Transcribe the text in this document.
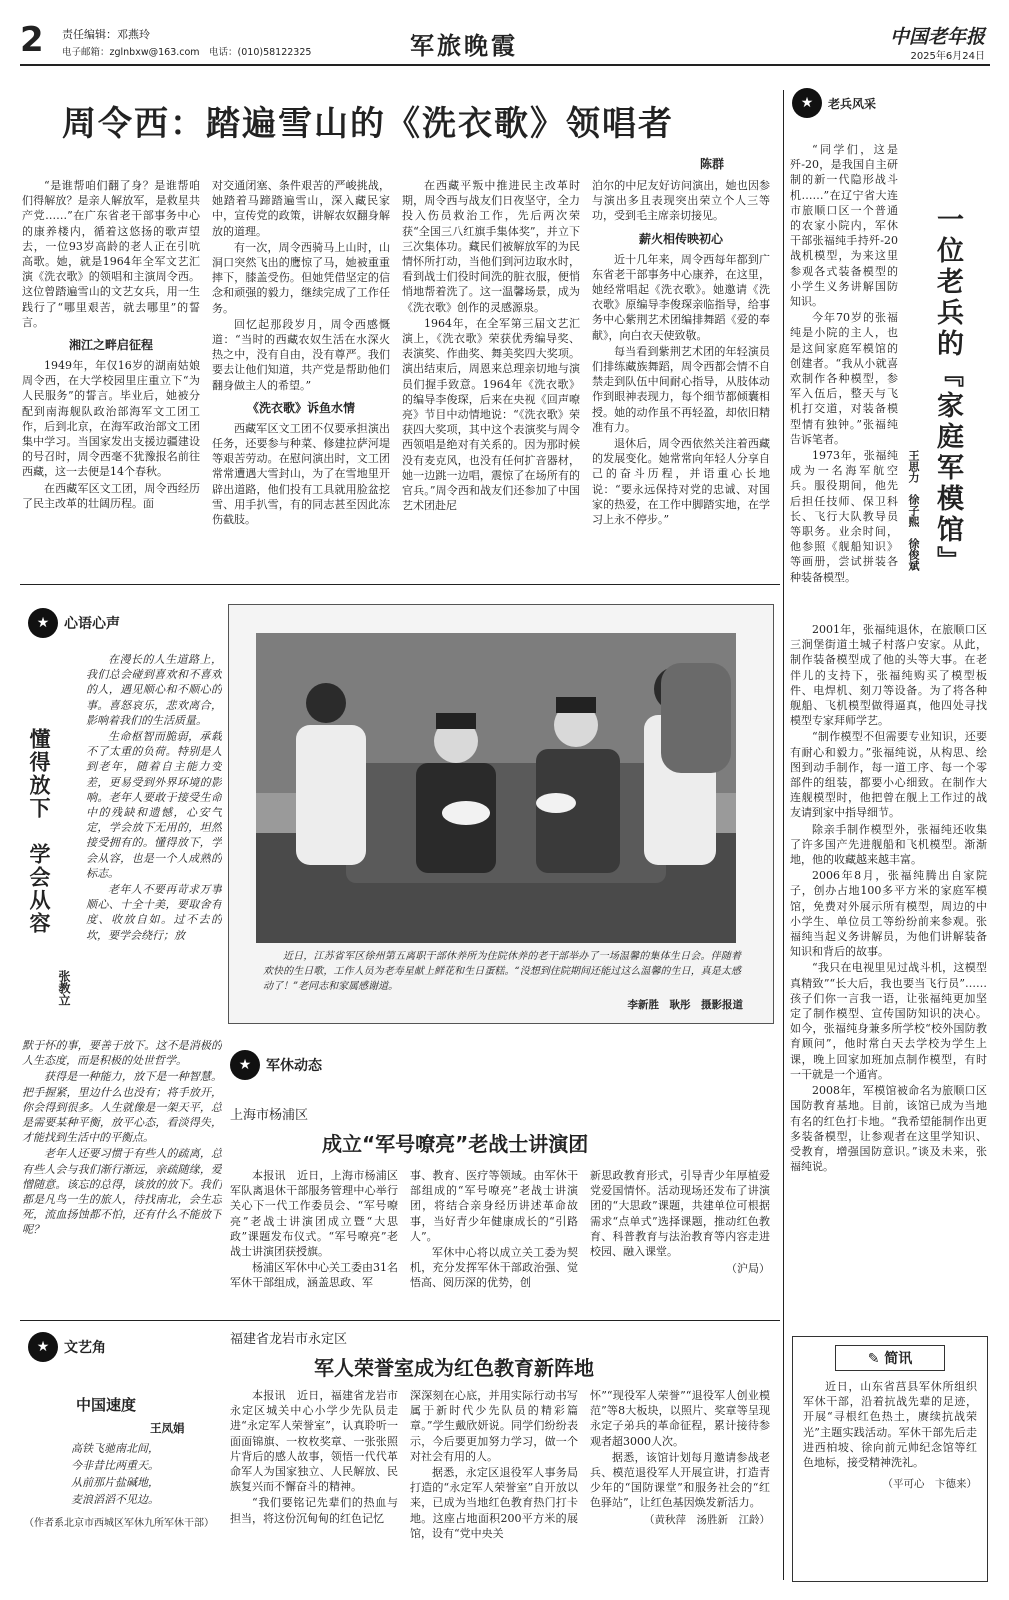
2 责任编辑：邓燕玲
电子邮箱：zglnbxw@163.com　电话：(010)58122325	军旅晚霞	中国老年报
2025年6月24日
周令西：踏遍雪山的《洗衣歌》领唱者
陈群

“是谁帮咱们翻了身？是谁帮咱们得解放？是亲人解放军，是救星共产党……”在广东省老干部事务中心的康养楼内，循着这悠扬的歌声望去，一位93岁高龄的老人正在引吭高歌。她，就是1964年全军文艺汇演《洗衣歌》的领唱和主演周令西。这位曾踏遍雪山的文艺女兵，用一生践行了“哪里艰苦，就去哪里”的誓言。

湘江之畔启征程

1949年，年仅16岁的湖南姑娘周令西，在大学校园里庄重立下“为人民服务”的誓言。毕业后，她被分配到南海舰队政治部海军文工团工作，后到北京，在海军政治部文工团集中学习。当国家发出支援边疆建设的号召时，周令西毫不犹豫报名前往西藏，这一去便是14个春秋。

在西藏军区文工团，周令西经历了民主改革的壮阔历程。面

对交通闭塞、条件艰苦的严峻挑战，她踏着马蹄踏遍雪山，深入藏民家中，宣传党的政策，讲解农奴翻身解放的道理。

有一次，周令西骑马上山时，山洞口突然飞出的鹰惊了马，她被重重摔下，膝盖受伤。但她凭借坚定的信念和顽强的毅力，继续完成了工作任务。

回忆起那段岁月，周令西感慨道：“当时的西藏农奴生活在水深火热之中，没有自由，没有尊严。我们要去让他们知道，共产党是帮助他们翻身做主人的希望。”

《洗衣歌》诉鱼水情

西藏军区文工团不仅要承担演出任务，还要参与种菜、修建拉萨河堤等艰苦劳动。在慰问演出时，文工团常常遭遇大雪封山，为了在雪地里开辟出道路，他们投有工具就用脸盆挖雪、用手扒雪，有的同志甚至因此冻伤截肢。

在西藏平叛中推进民主改革时期，周令西与战友们日夜坚守，全力投入伤员救治工作，先后两次荣获“全国三八红旗手集体奖”，并立下三次集体功。藏民们被解放军的为民情怀所打动，当他们到河边取水时，看到战士们役时间洗的脏衣服，便悄悄地帮着洗了。这一温馨场景，成为《洗衣歌》创作的灵感源泉。

1964年，在全军第三届文艺汇演上，《洗衣歌》荣获优秀编导奖、表演奖、作曲奖、舞美奖四大奖项。演出结束后，周恩来总理亲切地与演员们握手致意。1964年《洗衣歌》的编导李俊琛，后来在央视《回声嘹亮》节目中动情地说：“《洗衣歌》荣获四大奖项，其中这个表演奖与周令西领唱是绝对有关系的。因为那时候没有麦克风，也没有任何扩音器材，她一边跳一边唱，震惊了在场所有的官兵。”周令西和战友们还参加了中国艺术团赴尼

泊尔的中尼友好访问演出，她也因参与演出多且表现突出荣立个人三等功，受到毛主席亲切接见。

薪火相传映初心

近十几年来，周令西每年都到广东省老干部事务中心康养，在这里，她经常唱起《洗衣歌》。她邀请《洗衣歌》原编导李俊琛亲临指导，给事务中心紫荆艺术团编排舞蹈《爱的奉献》，向白衣天使致敬。

每当看到紫荆艺术团的年轻演员们排练藏族舞蹈，周令西都会情不自禁走到队伍中间耐心指导，从肢体动作到眼神表现力，每个细节都倾囊相授。她的动作虽不再轻盈，却依旧精准有力。

退休后，周令西依然关注着西藏的发展变化。她常常向年轻人分享自己的奋斗历程，并语重心长地说：“要永远保持对党的忠诚、对国家的热爱，在工作中脚踏实地，在学习上永不停步。”

★	老兵风采
一位老兵的『家庭军模馆』
王思力　徐子熙　徐俊斌

“同学们，这是歼-20，是我国自主研制的新一代隐形战斗机……”在辽宁省大连市旅顺口区一个普通的农家小院内，军休干部张福纯手持歼-20战机模型，为来这里参观各式装备模型的小学生义务讲解国防知识。

今年70岁的张福纯是小院的主人，也是这间家庭军模馆的创建者。“我从小就喜欢制作各种模型，参军入伍后，整天与飞机打交道，对装备模型情有独钟。”张福纯告诉笔者。

1973年，张福纯成为一名海军航空兵。服役期间，他先后担任技师、保卫科长、飞行大队教导员等职务。业余时间，他参照《舰船知识》等画册，尝试拼装各种装备模型。

2001年，张福纯退休，在旅顺口区三涧堡街道土城子村落户安家。从此，制作装备模型成了他的头等大事。在老伴儿的支持下，张福纯购买了模型板件、电焊机、刻刀等设备。为了将各种舰船、飞机模型做得逼真，他四处寻找模型专家拜师学艺。

“制作模型不但需要专业知识，还要有耐心和毅力。”张福纯说，从构思、绘图到动手制作，每一道工序、每一个零部件的组装，都要小心细致。在制作大连舰模型时，他把曾在舰上工作过的战友请到家中指导细节。

除亲手制作模型外，张福纯还收集了许多国产先进舰船和飞机模型。渐渐地，他的收藏越来越丰富。

2006年8月，张福纯腾出自家院子，创办占地100多平方米的家庭军模馆，免费对外展示所有模型，周边的中小学生、单位员工等纷纷前来参观。张福纯当起义务讲解员，为他们讲解装备知识和背后的故事。

“我只在电视里见过战斗机，这模型真精致”“长大后，我也要当飞行员”……孩子们你一言我一语，让张福纯更加坚定了制作模型、宣传国防知识的决心。如今，张福纯身兼多所学校“校外国防教育顾问”，他时常白天去学校为学生上课，晚上回家加班加点制作模型，有时一干就是一个通宵。

2008年，军模馆被命名为旅顺口区国防教育基地。目前，该馆已成为当地有名的红色打卡地。“我希望能制作出更多装备模型，让参观者在这里学知识、受教育，增强国防意识。”谈及未来，张福纯说。

✎ 简讯

近日，山东省莒县军休所组织军休干部，沿着抗战先辈的足迹，开展“寻根红色热土，赓续抗战荣光”主题实践活动。军休干部先后走进西柏坡、徐向前元帅纪念馆等红色地标，接受精神洗礼。

（平可心　卞德来）
★	心语心声
懂得放下　学会从容
张教立

在漫长的人生道路上，我们总会碰到喜欢和不喜欢的人，遇见顺心和不顺心的事。喜怒哀乐，悲欢离合，影响着我们的生活质量。

生命枢智而脆弱，承载不了太重的负荷。特别是人到老年，随着自主能力变差，更易受到外界环境的影响。老年人要敢于接受生命中的残缺和遗憾，心安气定，学会放下无用的，坦然接受拥有的。懂得放下，学会从容，也是一个人成熟的标志。

老年人不要再苛求万事顺心、十全十美，要取舍有度、收放自如。过不去的坎，要学会绕行；放

默于怀的事，要善于放下。这不是消极的人生态度，而是积极的处世哲学。

获得是一种能力，放下是一种智慧。把手握紧，里边什么也没有；将手放开，你会得到很多。人生就像是一架天平，总是需要某种平衡，放平心态，看淡得失，才能找到生活中的平衡点。

老年人还要习惯于有些人的疏离，总有些人会与我们渐行渐远，亲疏随缘，爱憎随意。该忘的总得，该放的放下。我们都是凡鸟一生的旅人，待找南北，会生忘死，流血扬蚀都不怕，还有什么不能放下呢？

近日，江苏省军区徐州第五离职干部休养所为住院休养的老干部举办了一场温馨的集体生日会。伴随着欢快的生日歌，工作人员为老寿星献上鲜花和生日蛋糕。“没想到住院期间还能过这么温馨的生日，真是太感动了！”老同志和家属感谢道。
李新胜　耿彤　摄影报道
★	军休动态
上海市杨浦区
成立“军号嘹亮”老战士讲演团

本报讯　近日，上海市杨浦区军队离退休干部服务管理中心举行关心下一代工作委员会、“军号嘹亮”老战士讲演团成立暨“大思政”课题发布仪式。“军号嘹亮”老战士讲演团获授旗。

杨浦区军休中心关工委由31名军休干部组成，涵盖思政、军

事、教育、医疗等领域。由军休干部组成的“军号嘹亮”老战士讲演团，将结合亲身经历讲述革命故事，当好青少年健康成长的“引路人”。

军休中心将以成立关工委为契机，充分发挥军休干部政治强、觉悟高、阅历深的优势，创

新思政教育形式，引导青少年厚植爱党爱国情怀。活动现场还发布了讲演团的“大思政”课题，共建单位可根据需求“点单式”选择课题，推动红色教育、科普教育与法治教育等内容走进校园、融入课堂。

（沪局）
★	文艺角
中国速度
王凤娟
高铁飞驰南北间，
今非昔比两重天。
从前那片盐碱地，
麦浪滔滔不见边。
（作者系北京市西城区军休九所军休干部）
福建省龙岩市永定区
军人荣誉室成为红色教育新阵地

本报讯　近日，福建省龙岩市永定区城关中心小学少先队员走进“永定军人荣誉室”，认真聆听一面面锦旗、一枚枚奖章、一张张照片背后的感人故事，领悟一代代革命军人为国家独立、人民解放、民族复兴而不懈奋斗的精神。

“我们要铭记先辈们的热血与担当，将这份沉甸甸的红色记忆

深深刻在心底，并用实际行动书写属于新时代少先队员的精彩篇章。”学生戴欣妍说。同学们纷纷表示，今后要更加努力学习，做一个对社会有用的人。

据悉，永定区退役军人事务局打造的“永定军人荣誉室”自开放以来，已成为当地红色教育热门打卡地。这座占地面积200平方米的展馆，设有“党中央关

怀”“现役军人荣誉”“退役军人创业模范”等8大板块，以照片、奖章等呈现永定子弟兵的革命征程，累计接待参观者超3000人次。

据悉，该馆计划每月邀请参战老兵、模范退役军人开展宣讲，打造青少年的“国防课堂”和服务社会的“红色驿站”，让红色基因焕发新活力。

（黄秋萍　汤胜新　江龄）
